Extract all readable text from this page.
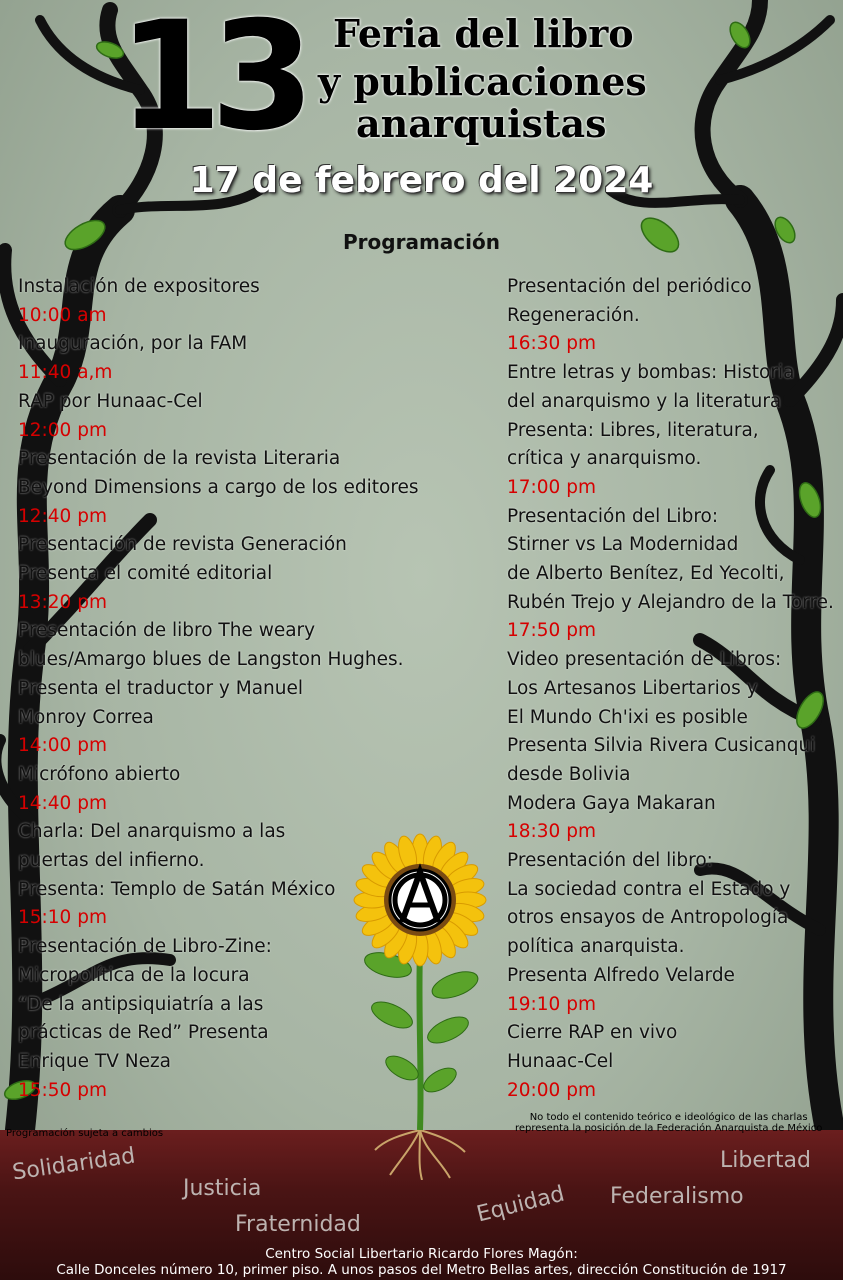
13 Feria del libro
y publicaciones
anarquistas
17 de febrero del 2024
Programación
Instalación de expositores
10:00 am
Inauguración, por la FAM
11:40 a,m
RAP por Hunaac-Cel
12:00 pm
Presentación de la revista Literaria
Beyond Dimensions a cargo de los editores
12:40 pm
Presentación de revista Generación
Presenta el comité editorial
13:20 pm
Presentación de libro The weary
blues/Amargo blues de Langston Hughes.
Presenta el traductor y Manuel
Monroy Correa
14:00 pm
Micrófono abierto
14:40 pm
Charla: Del anarquismo a las
puertas del infierno.
Presenta: Templo de Satán México
15:10 pm
Presentación de Libro-Zine:
Micropolítica de la locura
“De la antipsiquiatría a las
prácticas de Red” Presenta
Enrique TV Neza
15:50 pm
Presentación del periódico
Regeneración.
16:30 pm
Entre letras y bombas: Historia
del anarquismo y la literatura
Presenta: Libres, literatura,
crítica y anarquismo.
17:00 pm
Presentación del Libro:
Stirner vs La Modernidad
de Alberto Benítez, Ed Yecolti,
Rubén Trejo y Alejandro de la Torre.
17:50 pm
Video presentación de Libros:
Los Artesanos Libertarios y
El Mundo Ch'ixi es posible
Presenta Silvia Rivera Cusicanqui
desde Bolivia
Modera Gaya Makaran
18:30 pm
Presentación del libro:
La sociedad contra el Estado y
otros ensayos de Antropología
política anarquista.
Presenta Alfredo Velarde
19:10 pm
Cierre RAP en vivo
Hunaac-Cel
20:00 pm
Programación sujeta a cambios
No todo el contenido teórico e ideológico de las charlas
representa la posición de la Federación Anarquista de México
Solidaridad
Justicia
Fraternidad	Equidad Federalismo
Libertad
Centro Social Libertario Ricardo Flores Magón:
Calle Donceles número 10, primer piso. A unos pasos del Metro Bellas artes, dirección Constitución de 1917
